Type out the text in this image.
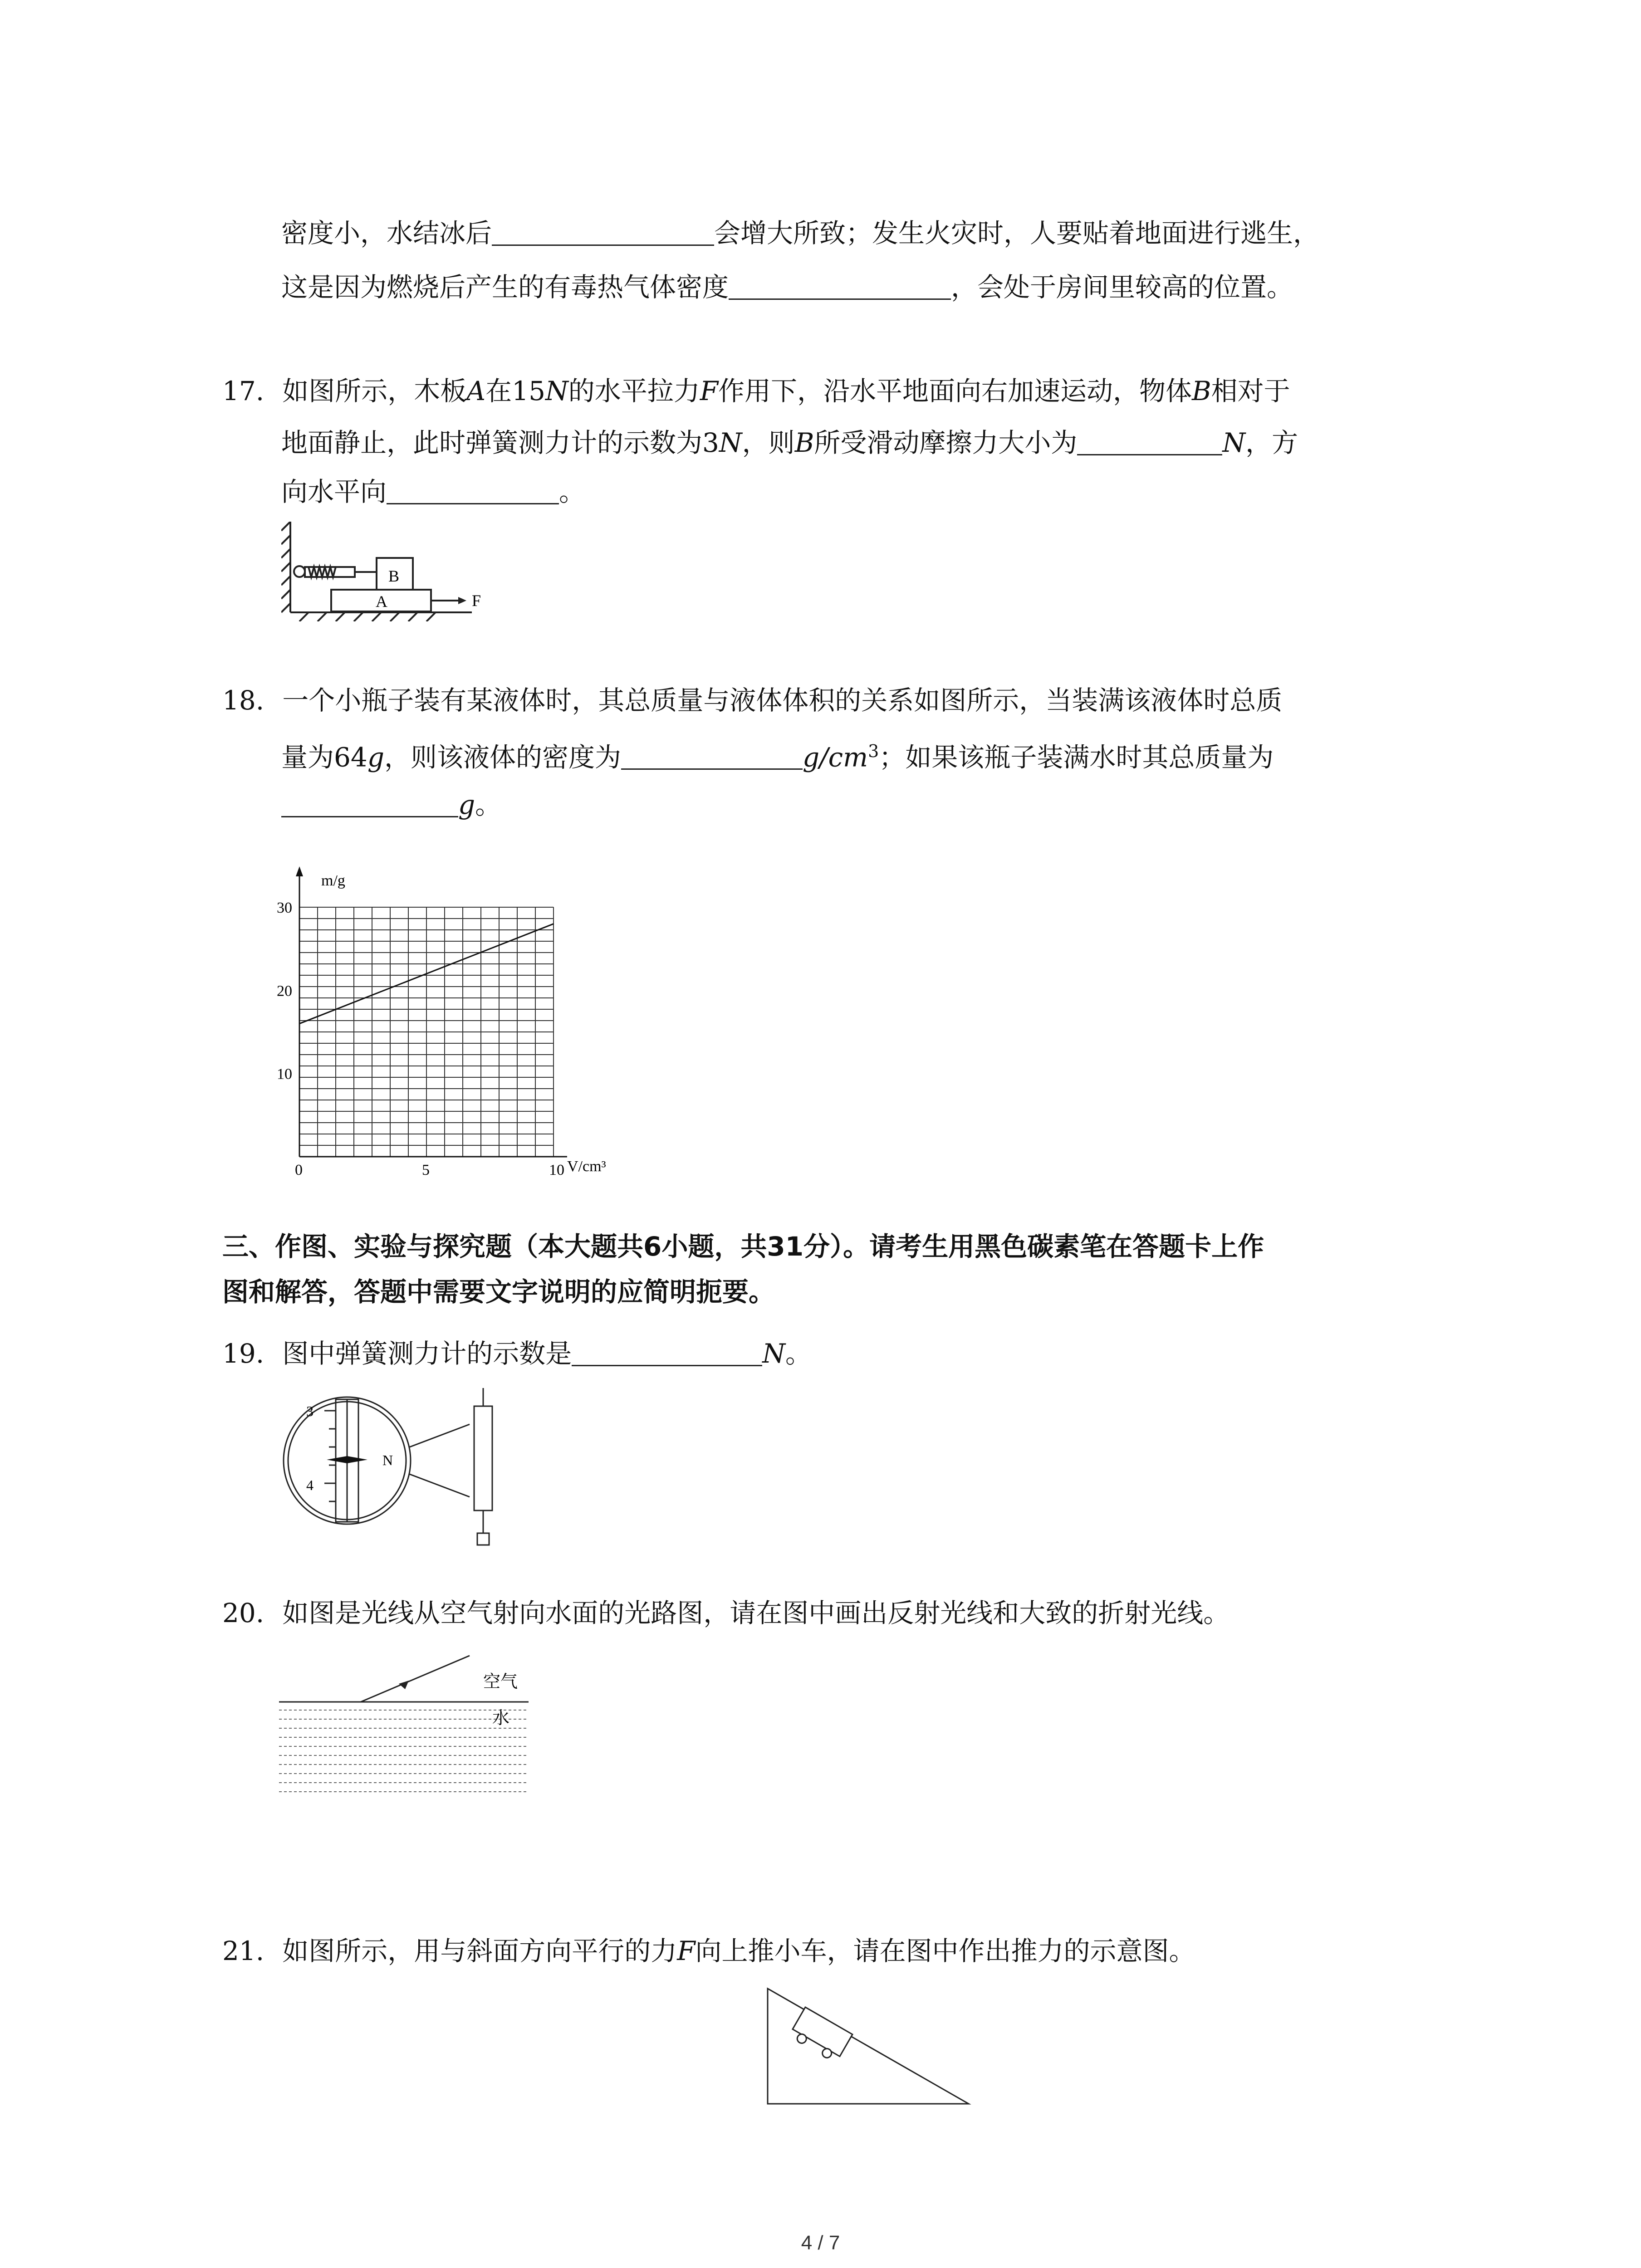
密度小，水结冰后	会增大所致；发生火灾时，人要贴着地面进行逃生，
这是因为燃烧后产生的有毒热气体密度	，会处于房间里较高的位置。
17. 如图所示，木板A在15N的水平拉力F作用下，沿水平地面向右加速运动，物体B相对于
地面静止，此时弹簧测力计的示数为3N，则B所受滑动摩擦力大小为	N，方
向水平向	。
B
A	F
18. 一个小瓶子装有某液体时，其总质量与液体体积的关系如图所示，当装满该液体时总质
量为64g，则该液体的密度为	$g/cm^3$；如果该瓶子装满水时其总质量为
g。
10
20
30
0	5	10
m/g
V/cm³
三、作图、实验与探究题（本大题共6小题，共31分）。请考生用黑色碳素笔在答题卡上作
图和解答，答题中需要文字说明的应简明扼要。
19. 图中弹簧测力计的示数是	N。
3
4
N
20. 如图是光线从空气射向水面的光路图，请在图中画出反射光线和大致的折射光线。
空气
水
21. 如图所示，用与斜面方向平行的力F向上推小车，请在图中作出推力的示意图。
4 / 7
